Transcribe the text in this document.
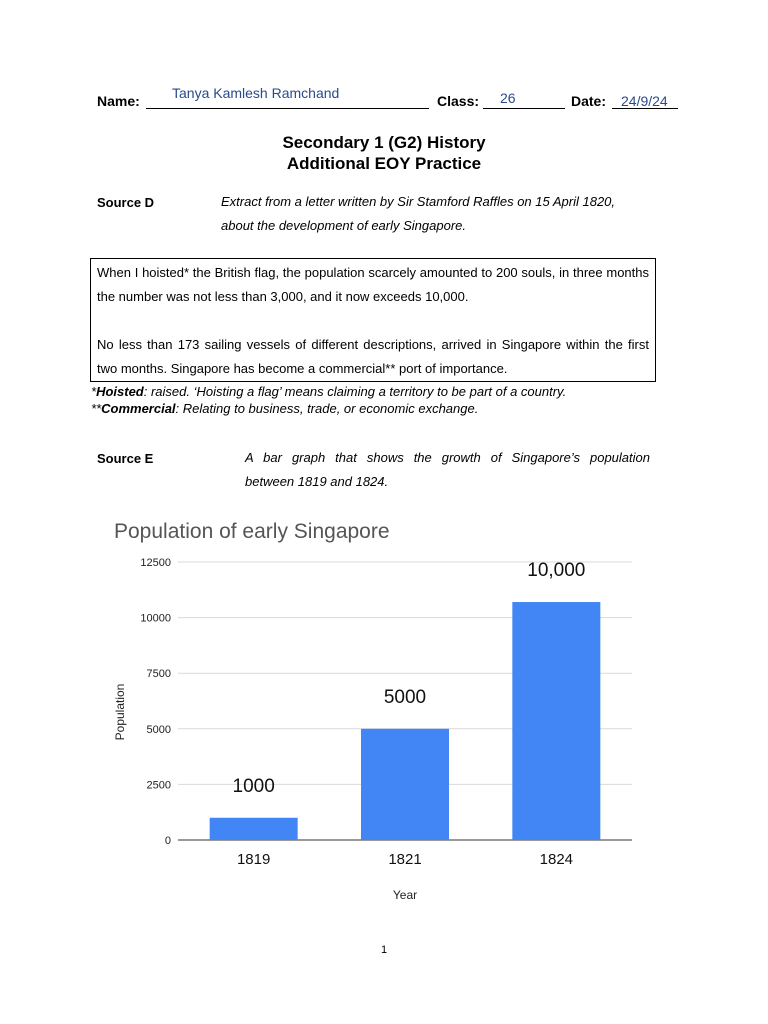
Name: Tanya Kamlesh Ramchand	Class: 26	Date: 24/9/24
Secondary 1 (G2) History
Additional EOY Practice
Source D	Extract from a letter written by Sir Stamford Raffles on 15 April 1820,
about the development of early Singapore.

When I hoisted* the British flag, the population scarcely amounted to 200 souls, in three months the number was not less than 3,000, and it now exceeds 10,000.

No less than 173 sailing vessels of different descriptions, arrived in Singapore within the first two months. Singapore has become a commercial** port of importance.

*Hoisted: raised. ‘Hoisting a flag’ means claiming a territory to be part of a country.
**Commercial: Relating to business, trade, or economic exchange.
Source E	A bar graph that shows the growth of Singapore’s population
between 1819 and 1824.
Population of early Singapore
Population
Year
0
2500
5000
7500
10000
12500
1000
1819
5000
1821
10,000
1824
1
